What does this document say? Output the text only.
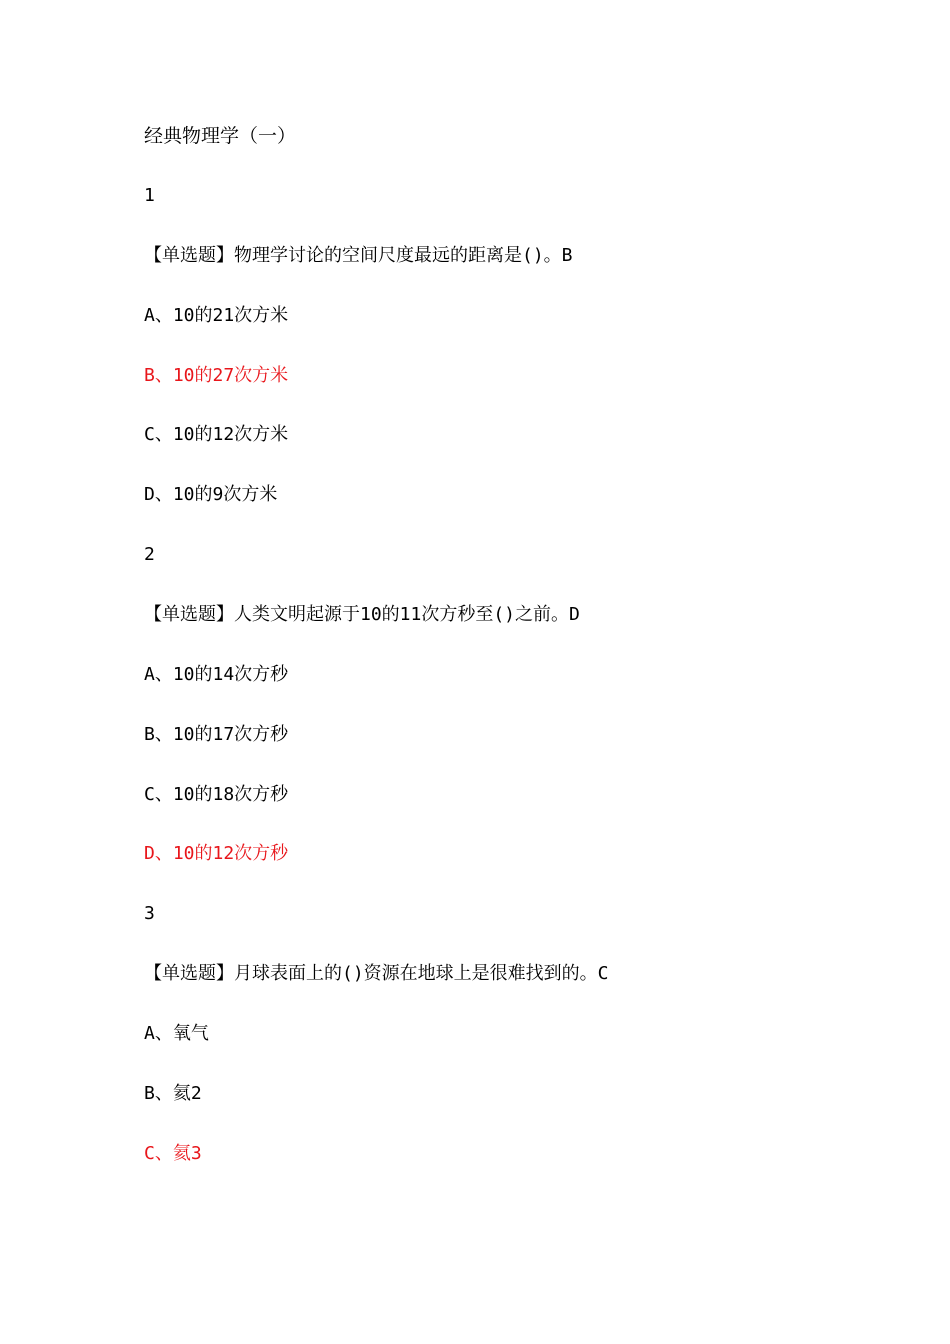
经典物理学（一）
1
【单选题】物理学讨论的空间尺度最远的距离是()。B
A、10的21次方米
B、10的27次方米
C、10的12次方米
D、10的9次方米
2
【单选题】人类文明起源于10的11次方秒至()之前。D
A、10的14次方秒
B、10的17次方秒
C、10的18次方秒
D、10的12次方秒
3
【单选题】月球表面上的()资源在地球上是很难找到的。C
A、氧气
B、氦2
C、氦3
